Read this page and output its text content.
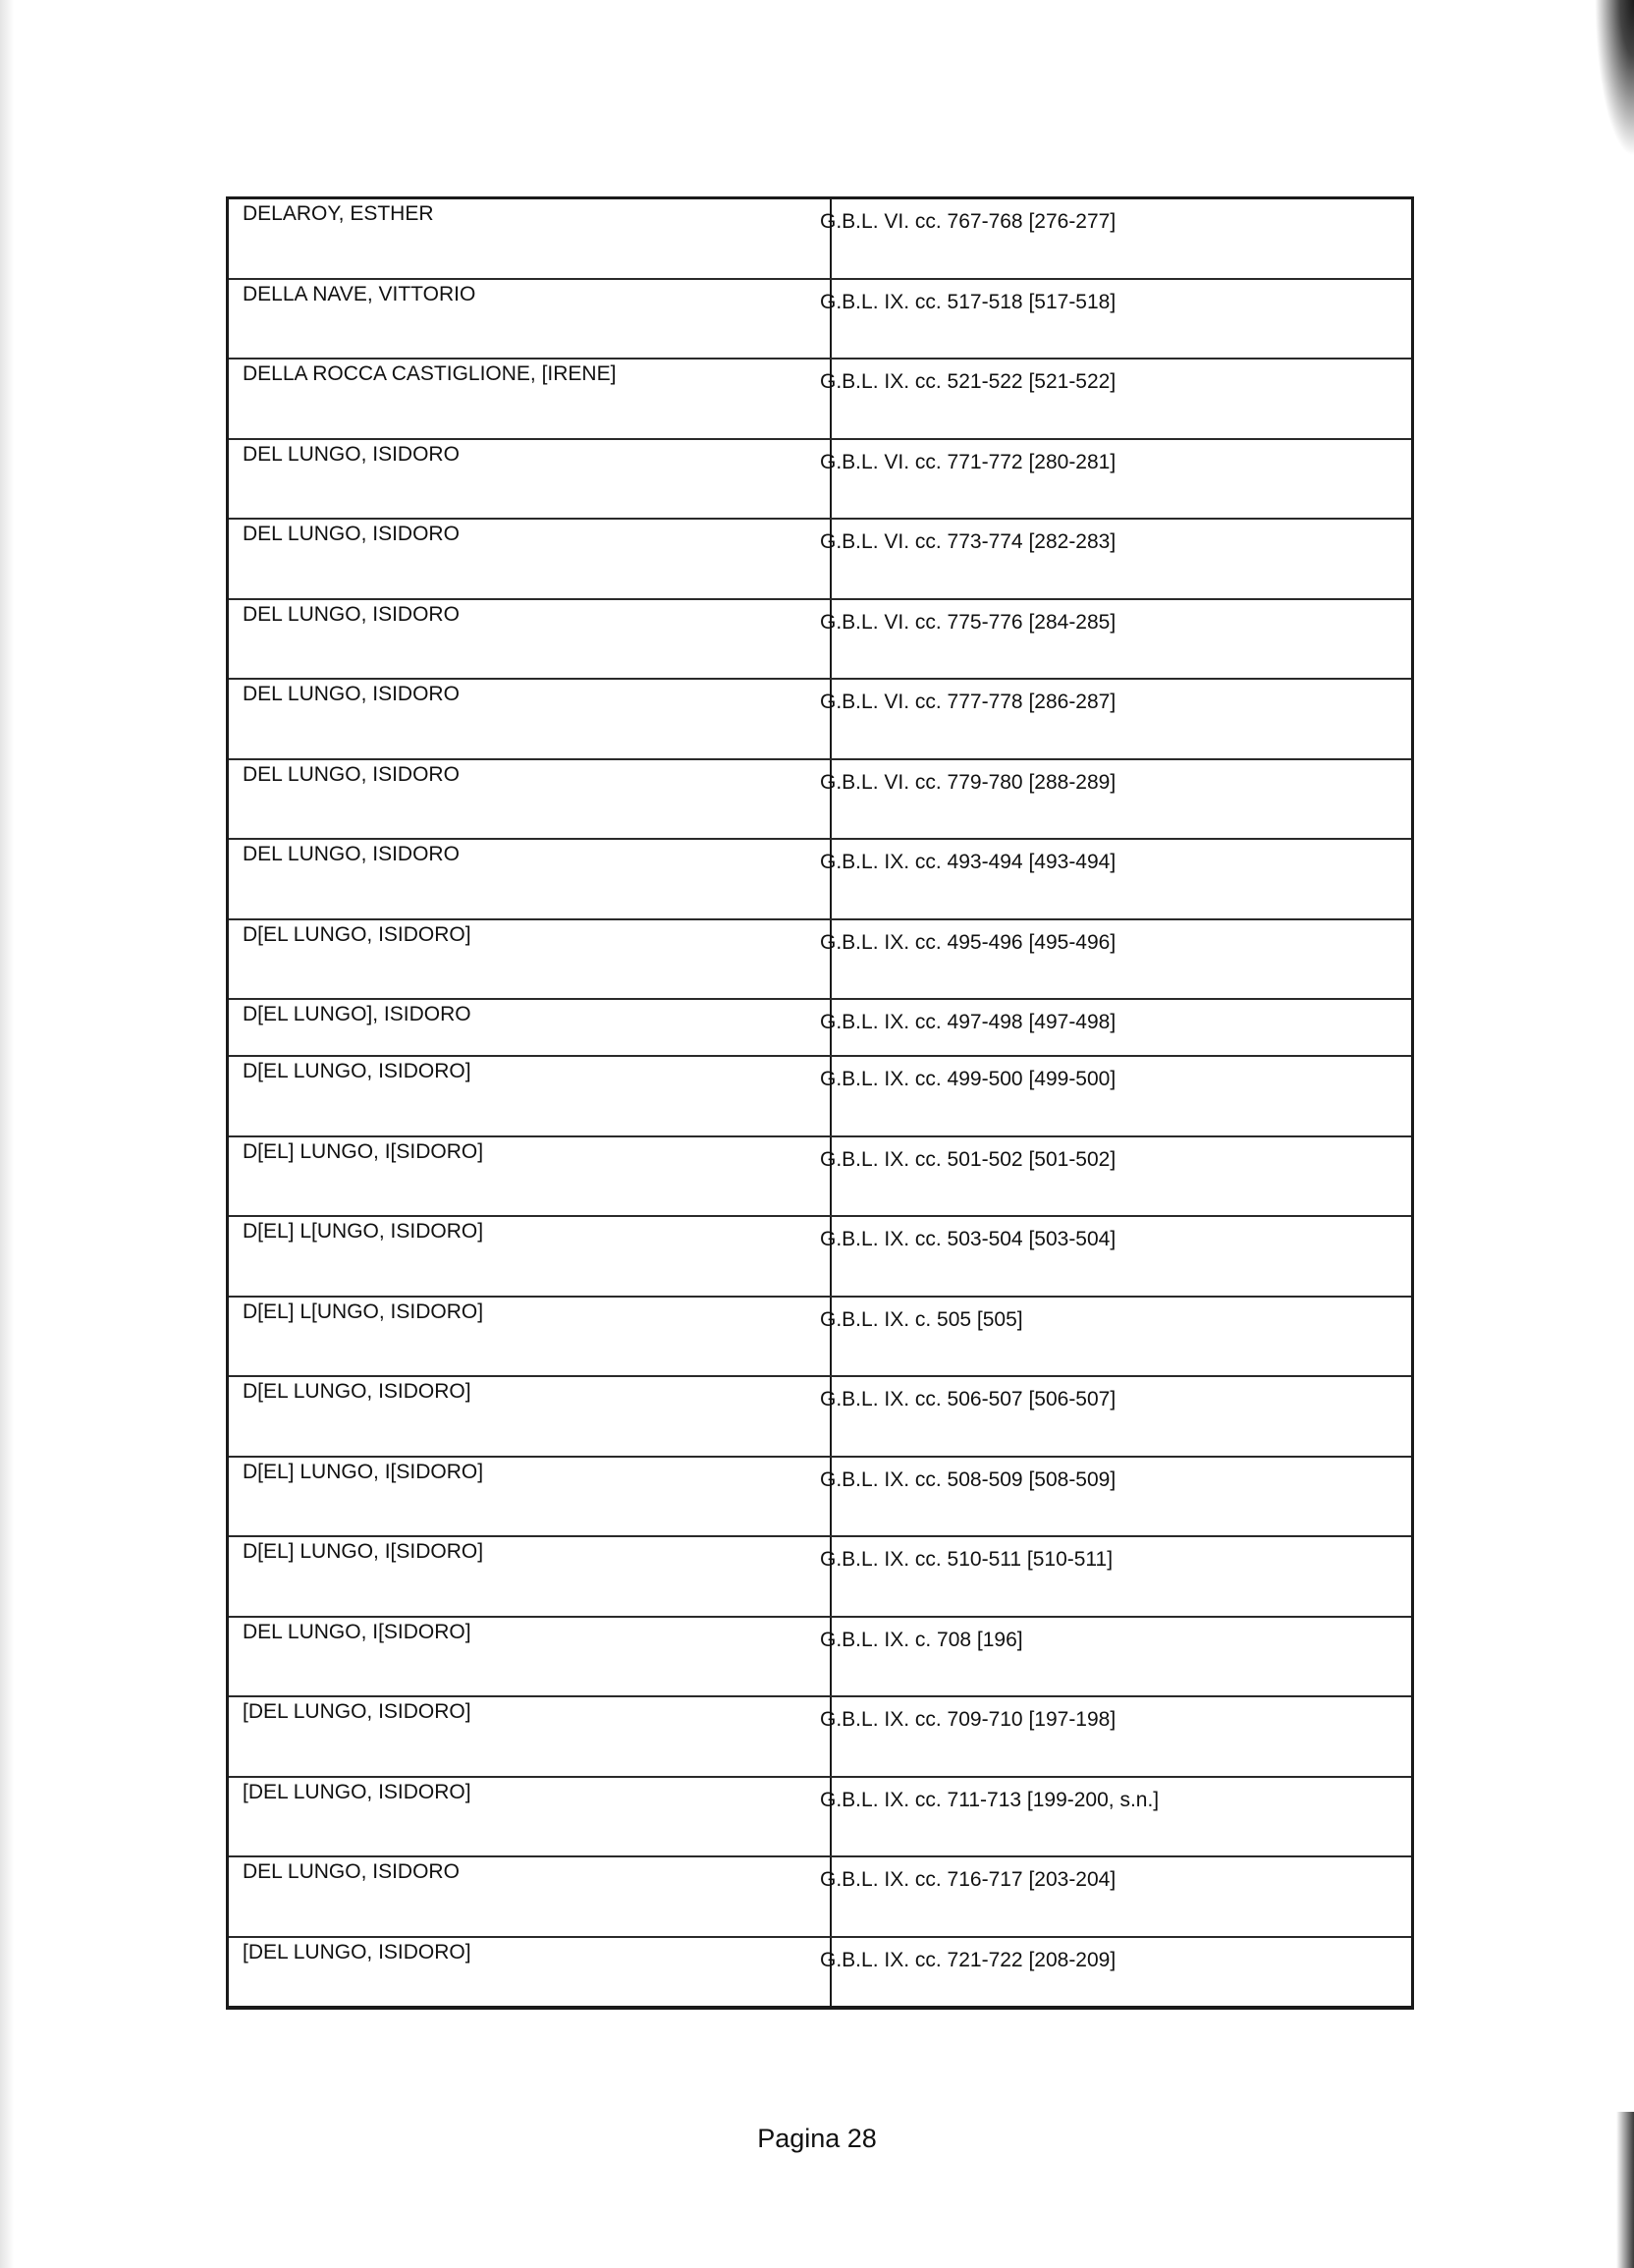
DELAROY, ESTHER	G.B.L. VI. cc. 767-768 [276-277]
DELLA NAVE, VITTORIO	G.B.L. IX. cc. 517-518 [517-518]
DELLA ROCCA CASTIGLIONE, [IRENE]	G.B.L. IX. cc. 521-522 [521-522]
DEL LUNGO, ISIDORO	G.B.L. VI. cc. 771-772 [280-281]
DEL LUNGO, ISIDORO	G.B.L. VI. cc. 773-774 [282-283]
DEL LUNGO, ISIDORO	G.B.L. VI. cc. 775-776 [284-285]
DEL LUNGO, ISIDORO	G.B.L. VI. cc. 777-778 [286-287]
DEL LUNGO, ISIDORO	G.B.L. VI. cc. 779-780 [288-289]
DEL LUNGO, ISIDORO	G.B.L. IX. cc. 493-494 [493-494]
D[EL LUNGO, ISIDORO]	G.B.L. IX. cc. 495-496 [495-496]
D[EL LUNGO], ISIDORO	G.B.L. IX. cc. 497-498 [497-498]
D[EL LUNGO, ISIDORO]	G.B.L. IX. cc. 499-500 [499-500]
D[EL] LUNGO, I[SIDORO]	G.B.L. IX. cc. 501-502 [501-502]
D[EL] L[UNGO, ISIDORO]	G.B.L. IX. cc. 503-504 [503-504]
D[EL] L[UNGO, ISIDORO]	G.B.L. IX. c. 505 [505]
D[EL LUNGO, ISIDORO]	G.B.L. IX. cc. 506-507 [506-507]
D[EL] LUNGO, I[SIDORO]	G.B.L. IX. cc. 508-509 [508-509]
D[EL] LUNGO, I[SIDORO]	G.B.L. IX. cc. 510-511 [510-511]
DEL LUNGO, I[SIDORO]	G.B.L. IX. c. 708 [196]
[DEL LUNGO, ISIDORO]	G.B.L. IX. cc. 709-710 [197-198]
[DEL LUNGO, ISIDORO]	G.B.L. IX. cc. 711-713 [199-200, s.n.]
DEL LUNGO, ISIDORO	G.B.L. IX. cc. 716-717 [203-204]
[DEL LUNGO, ISIDORO]	G.B.L. IX. cc. 721-722 [208-209]
Pagina 28
